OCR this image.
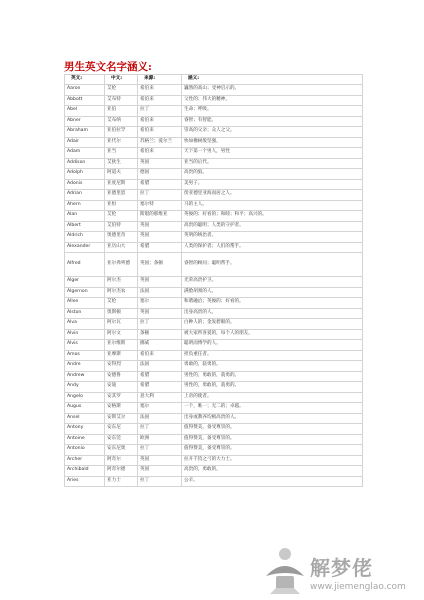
男生英文名字涵义:
英文:	中文:	来源:	涵义:
Aaron	艾伦	希伯来	巍然的高山；受神启示的。
Abbott	艾布特	希伯来	父性的；伟大的精神。
Abel	亚伯	拉丁	生命；呼吸。
Abner	艾布纳	希伯来	睿智；有智能。
Abraham	亚伯拉罕	希伯来	崇高的父亲；众人之父。
Adair	亚代尔	苏格兰；爱尔兰	快如橡树般坚强。
Adam	亚当	希伯来	天下第一个男人，男性
Addison	艾狄生	英国	亚当的后代。
Adolph	阿道夫	德国	高贵的狼。
Adonis	亚度尼斯	希腊	美男子。
Adrian	亚德里恩	拉丁	傍亚德里亚海而居之人。
Ahern	亚恒	塞尔特	马的主人。
Alan	艾伦	斯堪的那维亚	英俊的；好看的；和睦；和平；高兴的。
Albert	艾伯特	英国	高贵的聪明；人类的守护者。
Aldrich	奥德里奇	英国	英明的统治者。
Alexander	亚历山大	希腊	人类的保护者；人们的帮手。
Alfred	亚尔弗列德	英国；条顿	睿智的顾问；聪明帮手。
Alger	阿尔杰	英国	光荣高贵护卫。
Algernon	阿尔杰农	法国	满脸胡须的人。
Allen	艾伦	塞尔	和谐融洽；英俊的；好看的。
Alston	奥斯顿	英国	出身高贵的人。
Alva	阿尔瓦	拉丁	白种人的；金发碧眼的。
Alvin	阿尔文	条顿	被大家所喜爱的，每个人的朋友。
Alvis	亚尔维斯	挪威	聪明而博学的人。
Amos	亚摩斯	希伯来	担负重任者。
Andre	安得烈	法国	勇敢的，骁勇的。
Andrew	安德鲁	希腊	男性的，勇敢的，骁勇的。
Andy	安迪	希腊	男性的，勇敢的，骁勇的。
Angelo	安其罗	意大利	上帝的使者。
Augus	安格斯	塞尔	一个，唯一；无二的；卓越。
Ansel	安斯艾尔	法国	出身或教养均极高贵的人。
Antony	安东尼	拉丁	值得赞美，备受尊崇的。
Antoine	安东莞	欧洲	值得赞美，备受尊崇的。
Antonio	安东尼奥	拉丁	值得赞美，备受尊崇的。
Archer	阿奇尔	英国	拉开千钧之弓的大力士。
Archibald	阿奇尔德	英国	高贵的，勇敢的。
Aries	亚力士	拉丁	公羊。
解梦佬
www.jiemenglao.com
